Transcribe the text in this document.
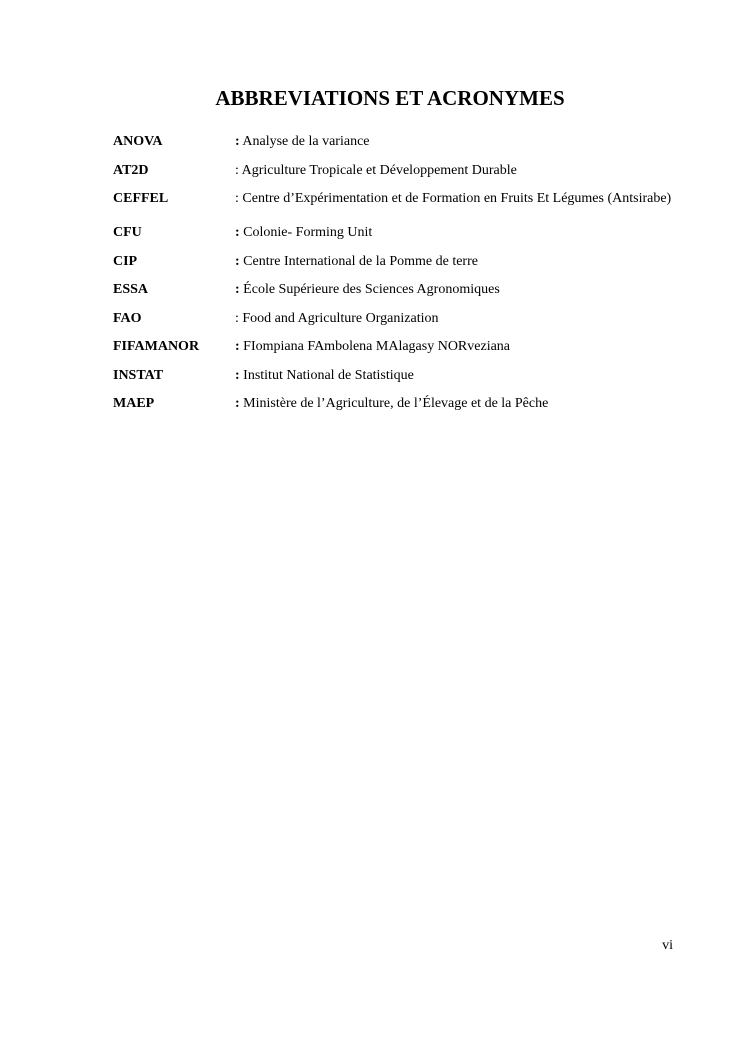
ABBREVIATIONS ET ACRONYMES
ANOVA	: Analyse de la variance
AT2D	: Agriculture Tropicale et Développement Durable
CEFFEL	: Centre d’Expérimentation et de Formation en Fruits Et Légumes (Antsirabe)
CFU	: Colonie- Forming Unit
CIP	: Centre International de la Pomme de terre
ESSA	: École Supérieure des Sciences Agronomiques
FAO	: Food and Agriculture Organization
FIFAMANOR	: FIompiana FAmbolena MAlagasy NORveziana
INSTAT	: Institut National de Statistique
MAEP	: Ministère de l’Agriculture, de l’Élevage et de la Pêche
vi
